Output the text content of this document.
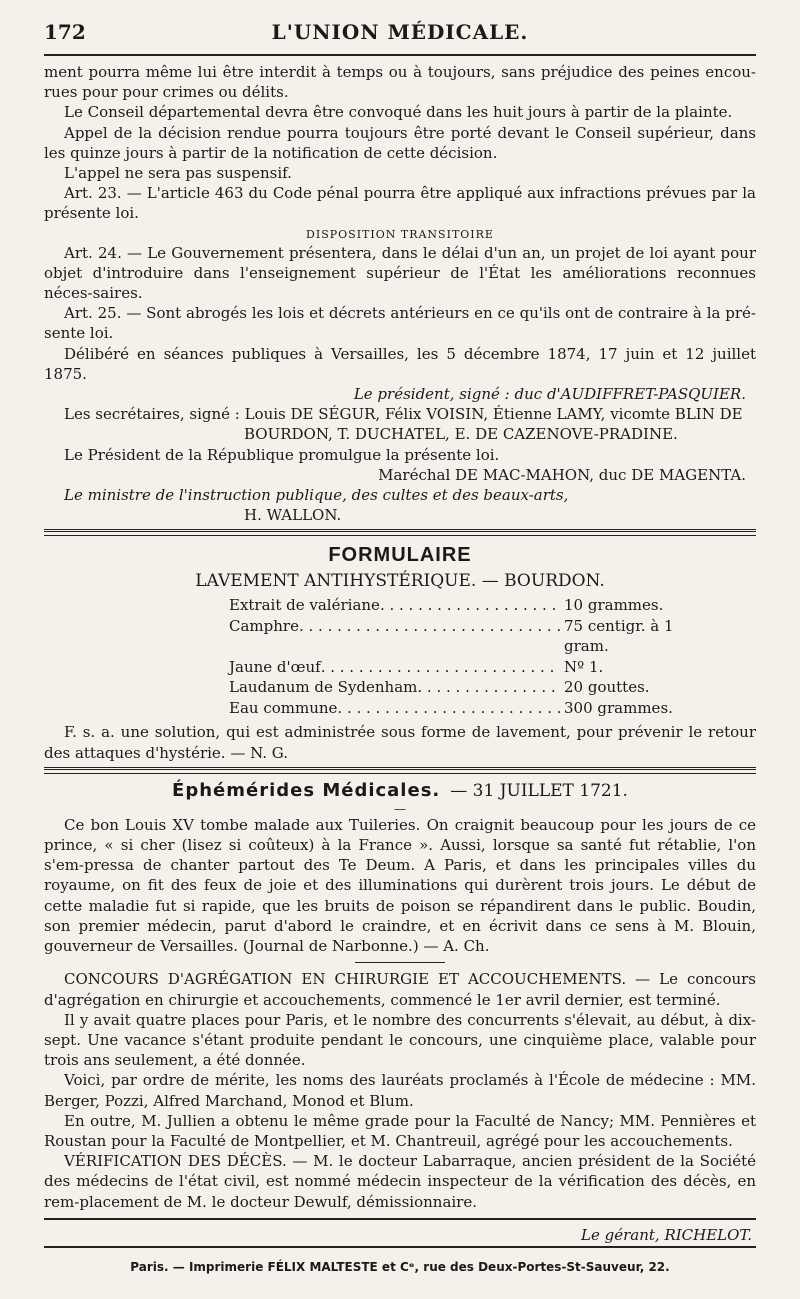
172	L'UNION MÉDICALE.

ment pourra même lui être interdit à temps ou à toujours, sans préjudice des peines encou-rues pour pour crimes ou délits.

Le Conseil départemental devra être convoqué dans les huit jours à partir de la plainte.

Appel de la décision rendue pourra toujours être porté devant le Conseil supérieur, dans les quinze jours à partir de la notification de cette décision.

L'appel ne sera pas suspensif.

Art. 23. — L'article 463 du Code pénal pourra être appliqué aux infractions prévues par la présente loi.

DISPOSITION TRANSITOIRE

Art. 24. — Le Gouvernement présentera, dans le délai d'un an, un projet de loi ayant pour objet d'introduire dans l'enseignement supérieur de l'État les améliorations reconnues néces-saires.

Art. 25. — Sont abrogés les lois et décrets antérieurs en ce qu'ils ont de contraire à la pré-sente loi.

Délibéré en séances publiques à Versailles, les 5 décembre 1874, 17 juin et 12 juillet 1875.

Le président, signé : duc d'AUDIFFRET-PASQUIER.

Les secrétaires, signé : Louis DE SÉGUR, Félix VOISIN, Étienne LAMY, vicomte BLIN DE

BOURDON, T. DUCHATEL, E. DE CAZENOVE-PRADINE.

Le Président de la République promulgue la présente loi.

Maréchal DE MAC-MAHON, duc DE MAGENTA.

Le ministre de l'instruction publique, des cultes et des beaux-arts,

H. WALLON.

FORMULAIRE
LAVEMENT ANTIHYSTÉRIQUE. — BOURDON.
Extrait de valériane . . .	10 grammes.
Camphre . . .	75 centigr. à 1 gram.
Jaune d'œuf . . .	Nº 1.
Laudanum de Sydenham . . .	20 gouttes.
Eau commune . . .	300 grammes.

F. s. a. une solution, qui est administrée sous forme de lavement, pour prévenir le retour des attaques d'hystérie. — N. G.

Éphémérides Médicales. — 31 JUILLET 1721.
—

Ce bon Louis XV tombe malade aux Tuileries. On craignit beaucoup pour les jours de ce prince, « si cher (lisez si coûteux) à la France ». Aussi, lorsque sa santé fut rétablie, l'on s'em-pressa de chanter partout des Te Deum. A Paris, et dans les principales villes du royaume, on fit des feux de joie et des illuminations qui durèrent trois jours. Le début de cette maladie fut si rapide, que les bruits de poison se répandirent dans le public. Boudin, son premier médecin, parut d'abord le craindre, et en écrivit dans ce sens à M. Blouin, gouverneur de Versailles. (Journal de Narbonne.) — A. Ch.

CONCOURS D'AGRÉGATION EN CHIRURGIE ET ACCOUCHEMENTS. — Le concours d'agrégation en chirurgie et accouchements, commencé le 1er avril dernier, est terminé.

Il y avait quatre places pour Paris, et le nombre des concurrents s'élevait, au début, à dix-sept. Une vacance s'étant produite pendant le concours, une cinquième place, valable pour trois ans seulement, a été donnée.

Voici, par ordre de mérite, les noms des lauréats proclamés à l'École de médecine : MM. Berger, Pozzi, Alfred Marchand, Monod et Blum.

En outre, M. Jullien a obtenu le même grade pour la Faculté de Nancy; MM. Pennières et Roustan pour la Faculté de Montpellier, et M. Chantreuil, agrégé pour les accouchements.

VÉRIFICATION DES DÉCÈS. — M. le docteur Labarraque, ancien président de la Société des médecins de l'état civil, est nommé médecin inspecteur de la vérification des décès, en rem-placement de M. le docteur Dewulf, démissionnaire.

Le gérant, RICHELOT.
Paris. — Imprimerie FÉLIX MALTESTE et Cᵉ, rue des Deux-Portes-St-Sauveur, 22.
